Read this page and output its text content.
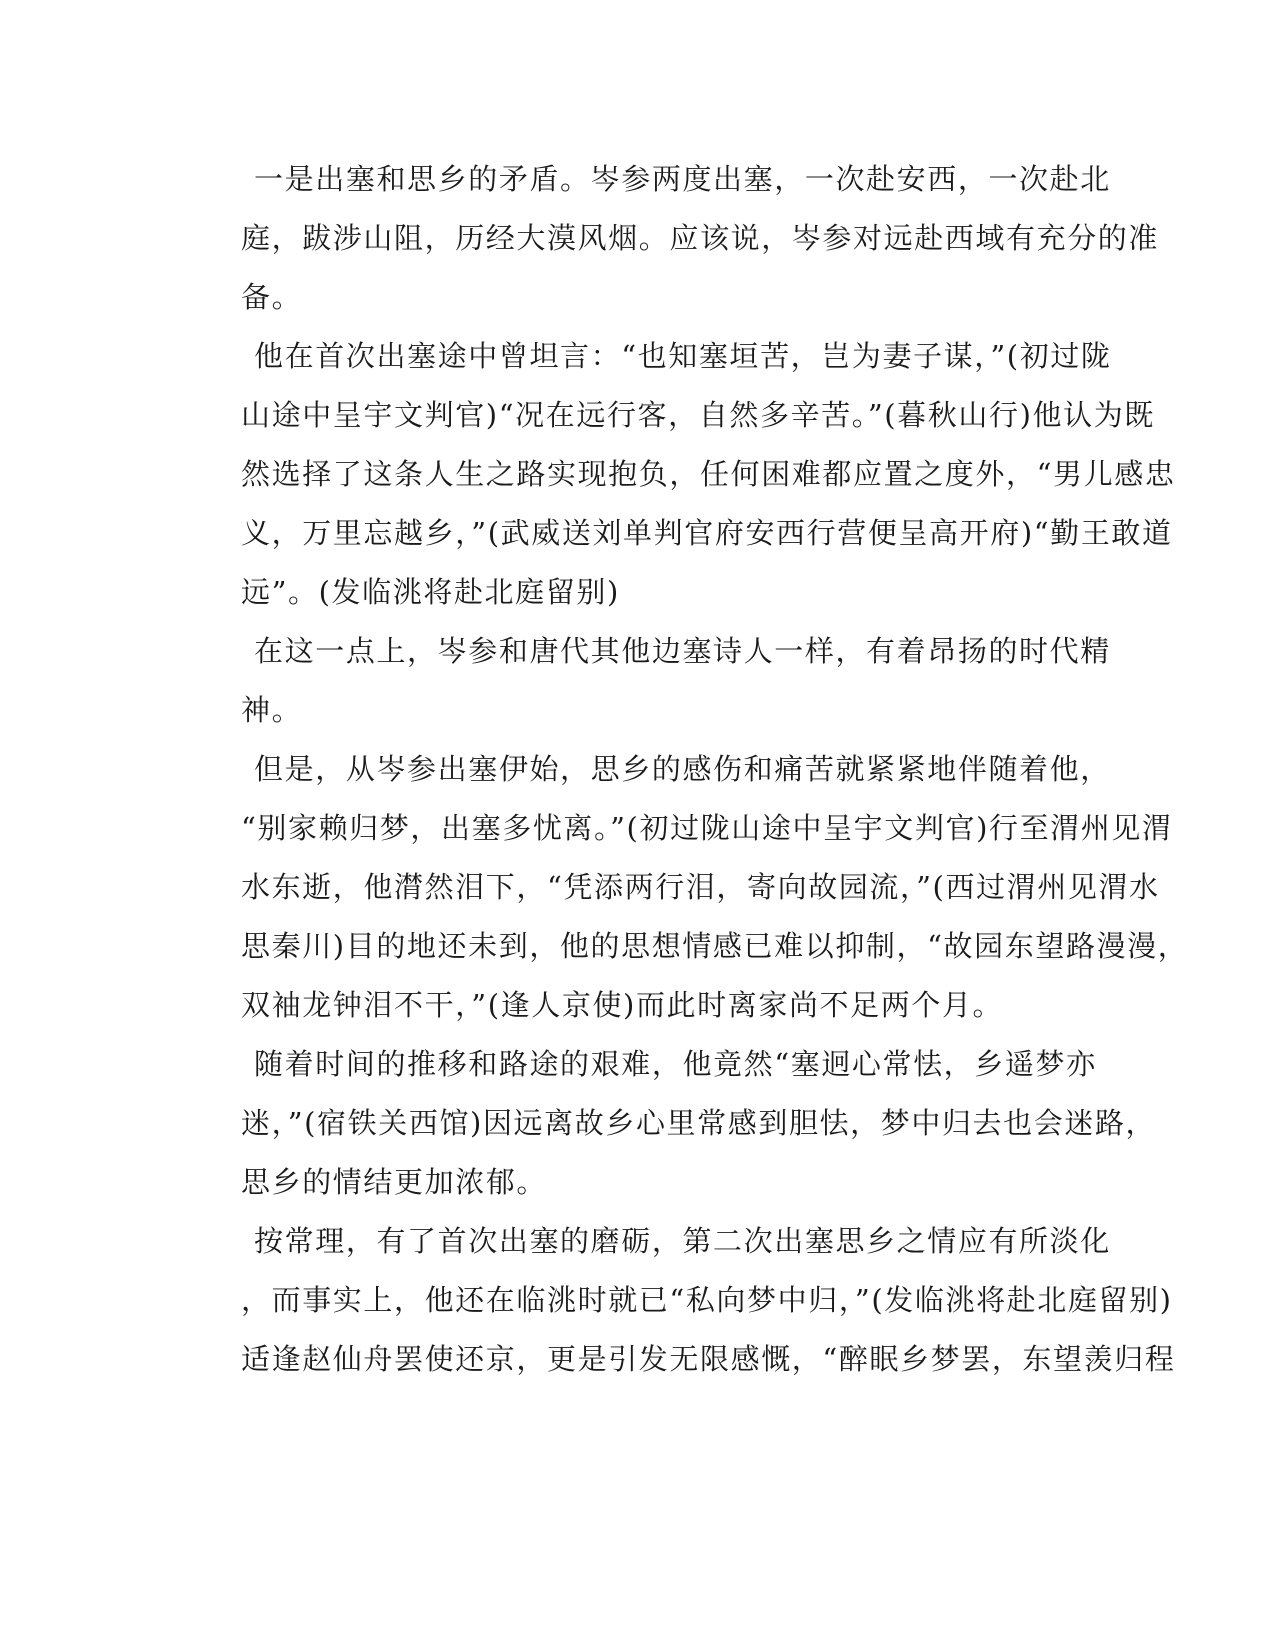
一是出塞和思乡的矛盾。岑参两度出塞，一次赴安西，一次赴北
庭，跋涉山阻，历经大漠风烟。应该说，岑参对远赴西域有充分的准
备。

他在首次出塞途中曾坦言：“也知塞垣苦，岂为妻子谋，”(初过陇
山途中呈宇文判官)“况在远行客，自然多辛苦。”(暮秋山行)他认为既
然选择了这条人生之路实现抱负，任何困难都应置之度外，“男儿感忠
义，万里忘越乡，”(武威送刘单判官府安西行营便呈高开府)“勤王敢道
远”。(发临洮将赴北庭留别)

在这一点上，岑参和唐代其他边塞诗人一样，有着昂扬的时代精
神。

但是，从岑参出塞伊始，思乡的感伤和痛苦就紧紧地伴随着他，
“别家赖归梦，出塞多忧离。”(初过陇山途中呈宇文判官)行至渭州见渭
水东逝，他潸然泪下，“凭添两行泪，寄向故园流，”(西过渭州见渭水
思秦川)目的地还未到，他的思想情感已难以抑制，“故园东望路漫漫，
双袖龙钟泪不干，”(逢人京使)而此时离家尚不足两个月。

随着时间的推移和路途的艰难，他竟然“塞迥心常怯，乡遥梦亦
迷，”(宿铁关西馆)因远离故乡心里常感到胆怯，梦中归去也会迷路，
思乡的情结更加浓郁。

按常理，有了首次出塞的磨砺，第二次出塞思乡之情应有所淡化
，而事实上，他还在临洮时就已“私向梦中归，”(发临洮将赴北庭留别)
适逢赵仙舟罢使还京，更是引发无限感慨，“醉眠乡梦罢，东望羡归程
